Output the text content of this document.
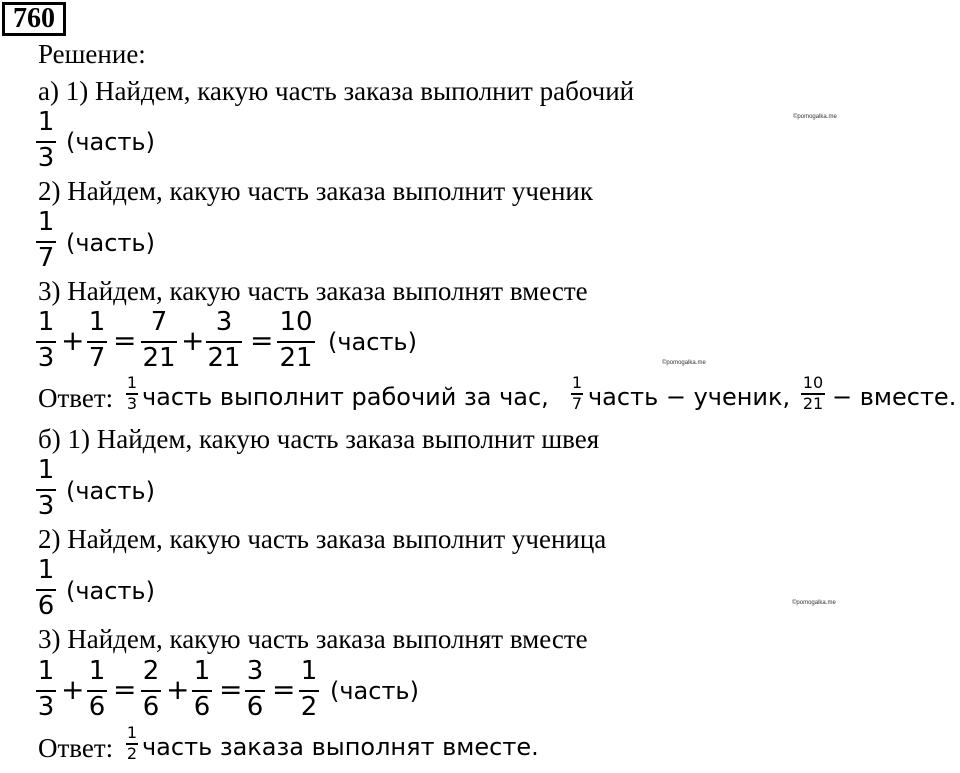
760
Решение:
а) 1) Найдем, какую часть заказа выполнит рабочий
1
3
(часть)
©pomogalka.me
2) Найдем, какую часть заказа выполнит ученик
1
7 (часть)
3) Найдем, какую часть заказа выполнят вместе
1
3
+
1
7
=
7
21
+
3
21
=
10
21
(часть)
©pomogalka.me
Ответ:
1
3 часть выполнит рабочий за час,
1
7 часть − ученик,
10
21 − вместе.
б) 1) Найдем, какую часть заказа выполнит швея
1
3 (часть)
2) Найдем, какую часть заказа выполнит ученица
1
6 (часть)	©pomogalka.me
3) Найдем, какую часть заказа выполнят вместе
1
3
+
1
6
=
2
6
+
1
6
=
3
6
=
1
2
(часть)
Ответ:
1
2 часть заказа выполнят вместе.
